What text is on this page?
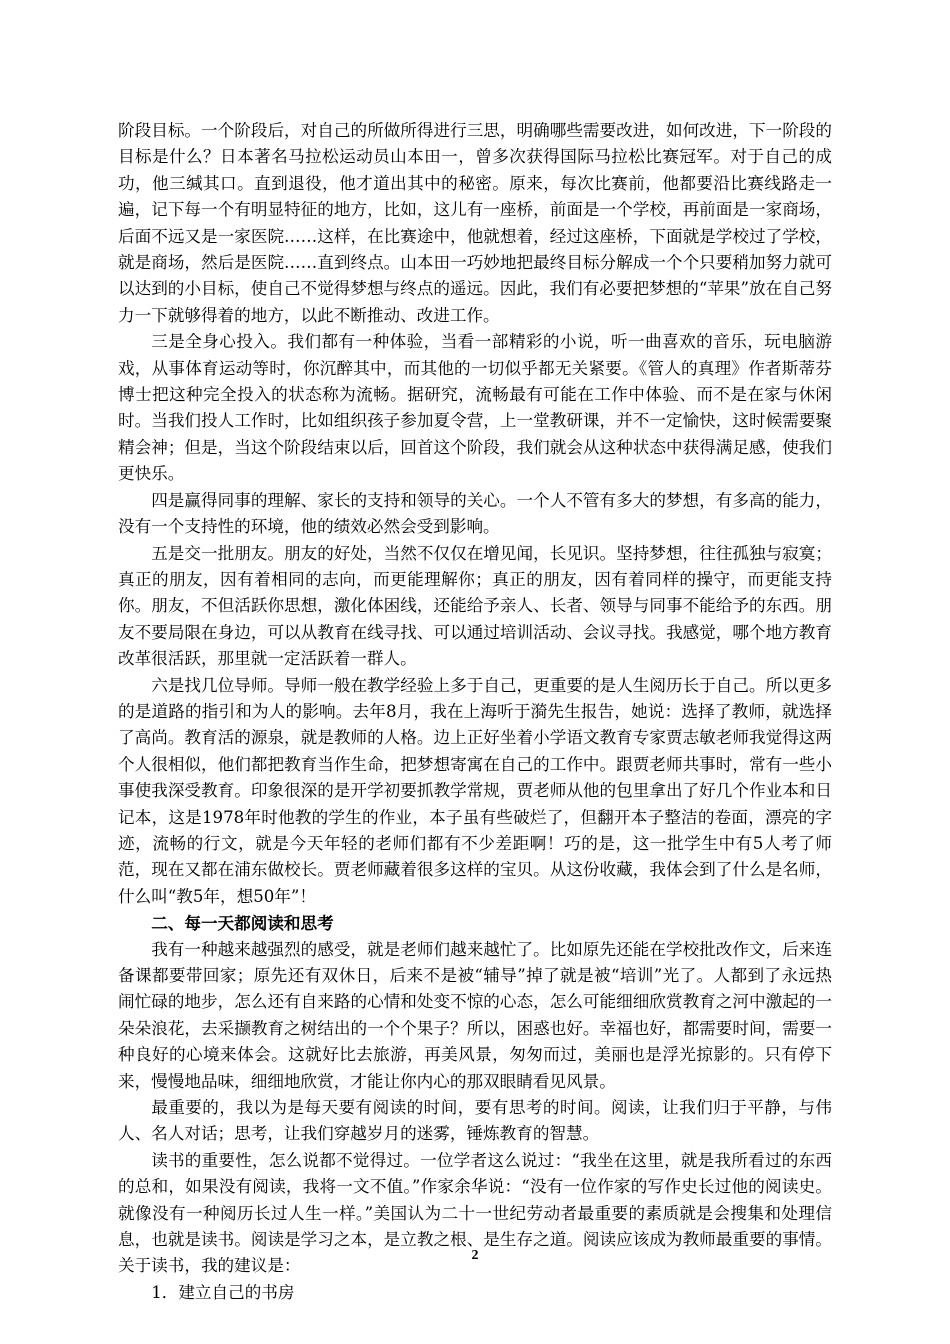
阶段目标。一个阶段后，对自己的所做所得进行三思，明确哪些需要改进，如何改进，下一阶段的目标是什么？日本著名马拉松运动员山本田一，曾多次获得国际马拉松比赛冠军。对于自己的成功，他三缄其口。直到退役，他才道出其中的秘密。原来，每次比赛前，他都要沿比赛线路走一遍，记下每一个有明显特征的地方，比如，这儿有一座桥，前面是一个学校，再前面是一家商场，后面不远又是一家医院……这样，在比赛途中，他就想着，经过这座桥，下面就是学校过了学校，就是商场，然后是医院……直到终点。山本田一巧妙地把最终目标分解成一个个只要稍加努力就可以达到的小目标，使自己不觉得梦想与终点的遥远。因此，我们有必要把梦想的“苹果”放在自己努力一下就够得着的地方，以此不断推动、改进工作。

三是全身心投入。我们都有一种体验，当看一部精彩的小说，听一曲喜欢的音乐，玩电脑游戏，从事体育运动等时，你沉醉其中，而其他的一切似乎都无关紧要。《管人的真理》作者斯蒂芬博士把这种完全投入的状态称为流畅。据研究，流畅最有可能在工作中体验、而不是在家与休闲时。当我们投人工作时，比如组织孩子参加夏令营，上一堂教研课，并不一定愉快，这时候需要聚精会神；但是，当这个阶段结束以后，回首这个阶段，我们就会从这种状态中获得满足感，使我们更快乐。

四是赢得同事的理解、家长的支持和领导的关心。一个人不管有多大的梦想，有多高的能力，没有一个支持性的环境，他的绩效必然会受到影响。

五是交一批朋友。朋友的好处，当然不仅仅在增见闻，长见识。坚持梦想，往往孤独与寂寞；真正的朋友，因有着相同的志向，而更能理解你；真正的朋友，因有着同样的操守，而更能支持你。朋友，不但活跃你思想，激化体困线，还能给予亲人、长者、领导与同事不能给予的东西。朋友不要局限在身边，可以从教育在线寻找、可以通过培训活动、会议寻找。我感觉，哪个地方教育改革很活跃，那里就一定活跃着一群人。

六是找几位导师。导师一般在教学经验上多于自己，更重要的是人生阅历长于自己。所以更多的是道路的指引和为人的影响。去年8月，我在上海听于漪先生报告，她说：选择了教师，就选择了高尚。教育活的源泉，就是教师的人格。边上正好坐着小学语文教育专家贾志敏老师我觉得这两个人很相似，他们都把教育当作生命，把梦想寄寓在自己的工作中。跟贾老师共事时，常有一些小事使我深受教育。印象很深的是开学初要抓教学常规，贾老师从他的包里拿出了好几个作业本和日记本，这是1978年时他教的学生的作业，本子虽有些破烂了，但翻开本子整洁的卷面，漂亮的字迹，流畅的行文，就是今天年轻的老师们都有不少差距啊！巧的是，这一批学生中有5人考了师范，现在又都在浦东做校长。贾老师藏着很多这样的宝贝。从这份收藏，我体会到了什么是名师，什么叫“教5年，想50年”！

二、每一天都阅读和思考

我有一种越来越强烈的感受，就是老师们越来越忙了。比如原先还能在学校批改作文，后来连备课都要带回家；原先还有双休日，后来不是被“辅导”掉了就是被“培训”光了。人都到了永远热闹忙碌的地步，怎么还有自来路的心情和处变不惊的心态，怎么可能细细欣赏教育之河中激起的一朵朵浪花，去采撷教育之树结出的一个个果子？所以，困惑也好。幸福也好，都需要时间，需要一种良好的心境来体会。这就好比去旅游，再美风景，匆匆而过，美丽也是浮光掠影的。只有停下来，慢慢地品味，细细地欣赏，才能让你内心的那双眼睛看见风景。

最重要的，我以为是每天要有阅读的时间，要有思考的时间。阅读，让我们归于平静，与伟人、名人对话；思考，让我们穿越岁月的迷雾，锤炼教育的智慧。

读书的重要性，怎么说都不觉得过。一位学者这么说过：“我坐在这里，就是我所看过的东西的总和，如果没有阅读，我将一文不值。”作家余华说：“没有一位作家的写作史长过他的阅读史。就像没有一种阅历长过人生一样。”美国认为二十一世纪劳动者最重要的素质就是会搜集和处理信息，也就是读书。阅读是学习之本，是立教之根、是生存之道。阅读应该成为教师最重要的事情。关于读书，我的建议是：

1．建立自己的书房

2
